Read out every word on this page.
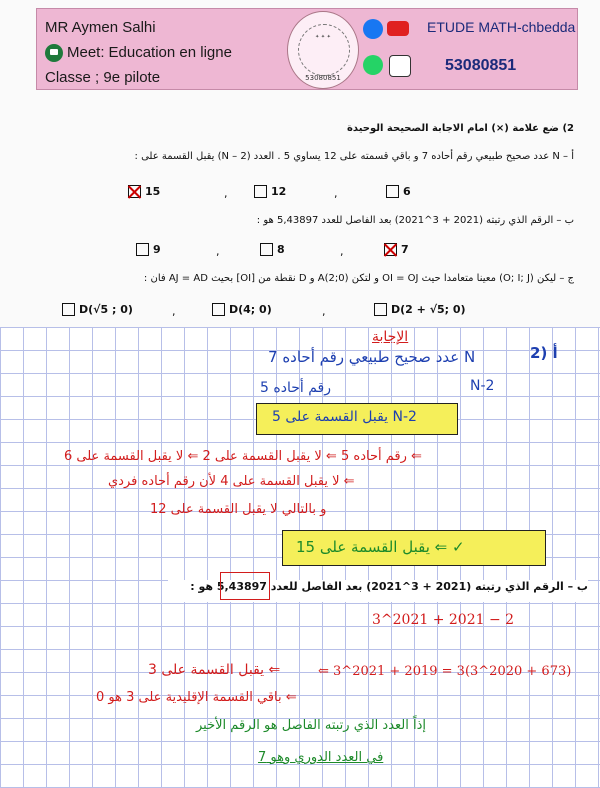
MR Aymen Salhi
Meet: Education en ligne
Classe ; 9e pilote
✦ ✦ ✦
53080851
ETUDE MATH-chbedda
53080851
2) ضع علامة (×) امام الاجابة الصحيحة الوحيدة
أ – N عدد صحيح طبيعي رقم أحاده 7 و باقي قسمته على 12 يساوي 5 . العدد (N – 2) يقبل القسمة على :
15	,	12	,	6
ب – الرقم الذي رتبته (2021 + 3^2021) بعد الفاصل للعدد 5,43897 هو :
9	,	8	,	7
ج – ليكن (O; I; J) معينا متعامدا حيث OI = OJ و لتكن A(2;0) و D نقطة من [OI] بحيث AJ = AD فان :
D(√5 ; 0)	,	D(4; 0)	,	D(2 + √5; 0)
الإجابة
أ (2
N عدد صحيح طبيعي رقم أحاده 7
رقم أحاده 5	N-2
N-2 يقبل القسمة على 5
⇐ رقم أحاده 5 ⇐ لا يقبل القسمة على 2 ⇐ لا يقبل القسمة على 6
⇐ لا يقبل القسمة على 4 لأن رقم أحاده فردي
و بالتالي لا يقبل القسمة على 12
✓ ⇐ يقبل القسمة على 15
ب – الرقم الذي رتبته (2021 + 3^2021) بعد الفاصل للعدد 5,43897 هو :
3^2021 + 2021 − 2
⇐ يقبل القسمة على 3	⇐ 3^2021 + 2019 = 3(3^2020 + 673)
⇐ باقي القسمة الإقليدية على 3 هو 0
إذاً العدد الذي رتبته الفاصل هو الرقم الأخير
في العدد الدوري وهو 7
